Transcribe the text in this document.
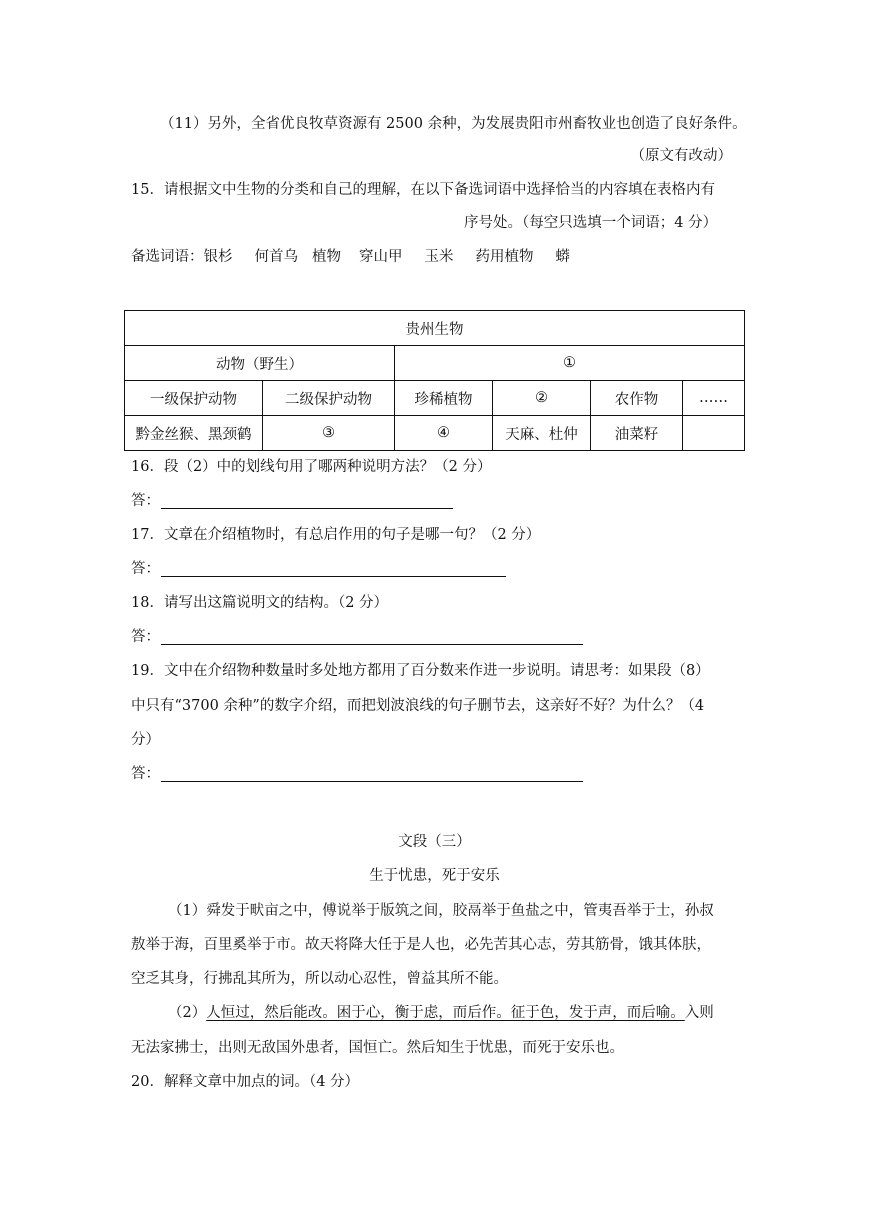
（11）另外，全省优良牧草资源有 2500 余种，为发展贵阳市州畜牧业也创造了良好条件。
（原文有改动）
15．请根据文中生物的分类和自己的理解，在以下备选词语中选择恰当的内容填在表格内有
序号处。（每空只选填一个词语；4 分）
备选词语：银杉 何首乌 植物 穿山甲 玉米 药用植物 蟒
贵州生物					
动物（野生）		①			
一级保护动物	二级保护动物	珍稀植物	②	农作物	……
黔金丝猴、黑颈鹤	③	④	天麻、杜仲	油菜籽	
16．段（2）中的划线句用了哪两种说明方法？（2 分）
答：
17．文章在介绍植物时，有总启作用的句子是哪一句？（2 分）
答：
18．请写出这篇说明文的结构。（2 分）
答：
19．文中在介绍物种数量时多处地方都用了百分数来作进一步说明。请思考：如果段（8）
中只有“3700 余种”的数字介绍，而把划波浪线的句子删节去，这亲好不好？为什么？（4
分）
答：
文段（三）
生于忧患，死于安乐
（1）舜发于畎亩之中，傅说举于版筑之间，胶鬲举于鱼盐之中，管夷吾举于士，孙叔
敖举于海，百里奚举于市。故天将降大任于是人也，必先苦其心志，劳其筋骨，饿其体肤，
空乏其身，行拂乱其所为，所以动心忍性，曾益其所不能。
（2）人恒过，然后能改。困于心，衡于虑，而后作。征于色，发于声，而后喻。入则
无法家拂士，出则无敌国外患者，国恒亡。然后知生于忧患，而死于安乐也。
20．解释文章中加点的词。（4 分）
